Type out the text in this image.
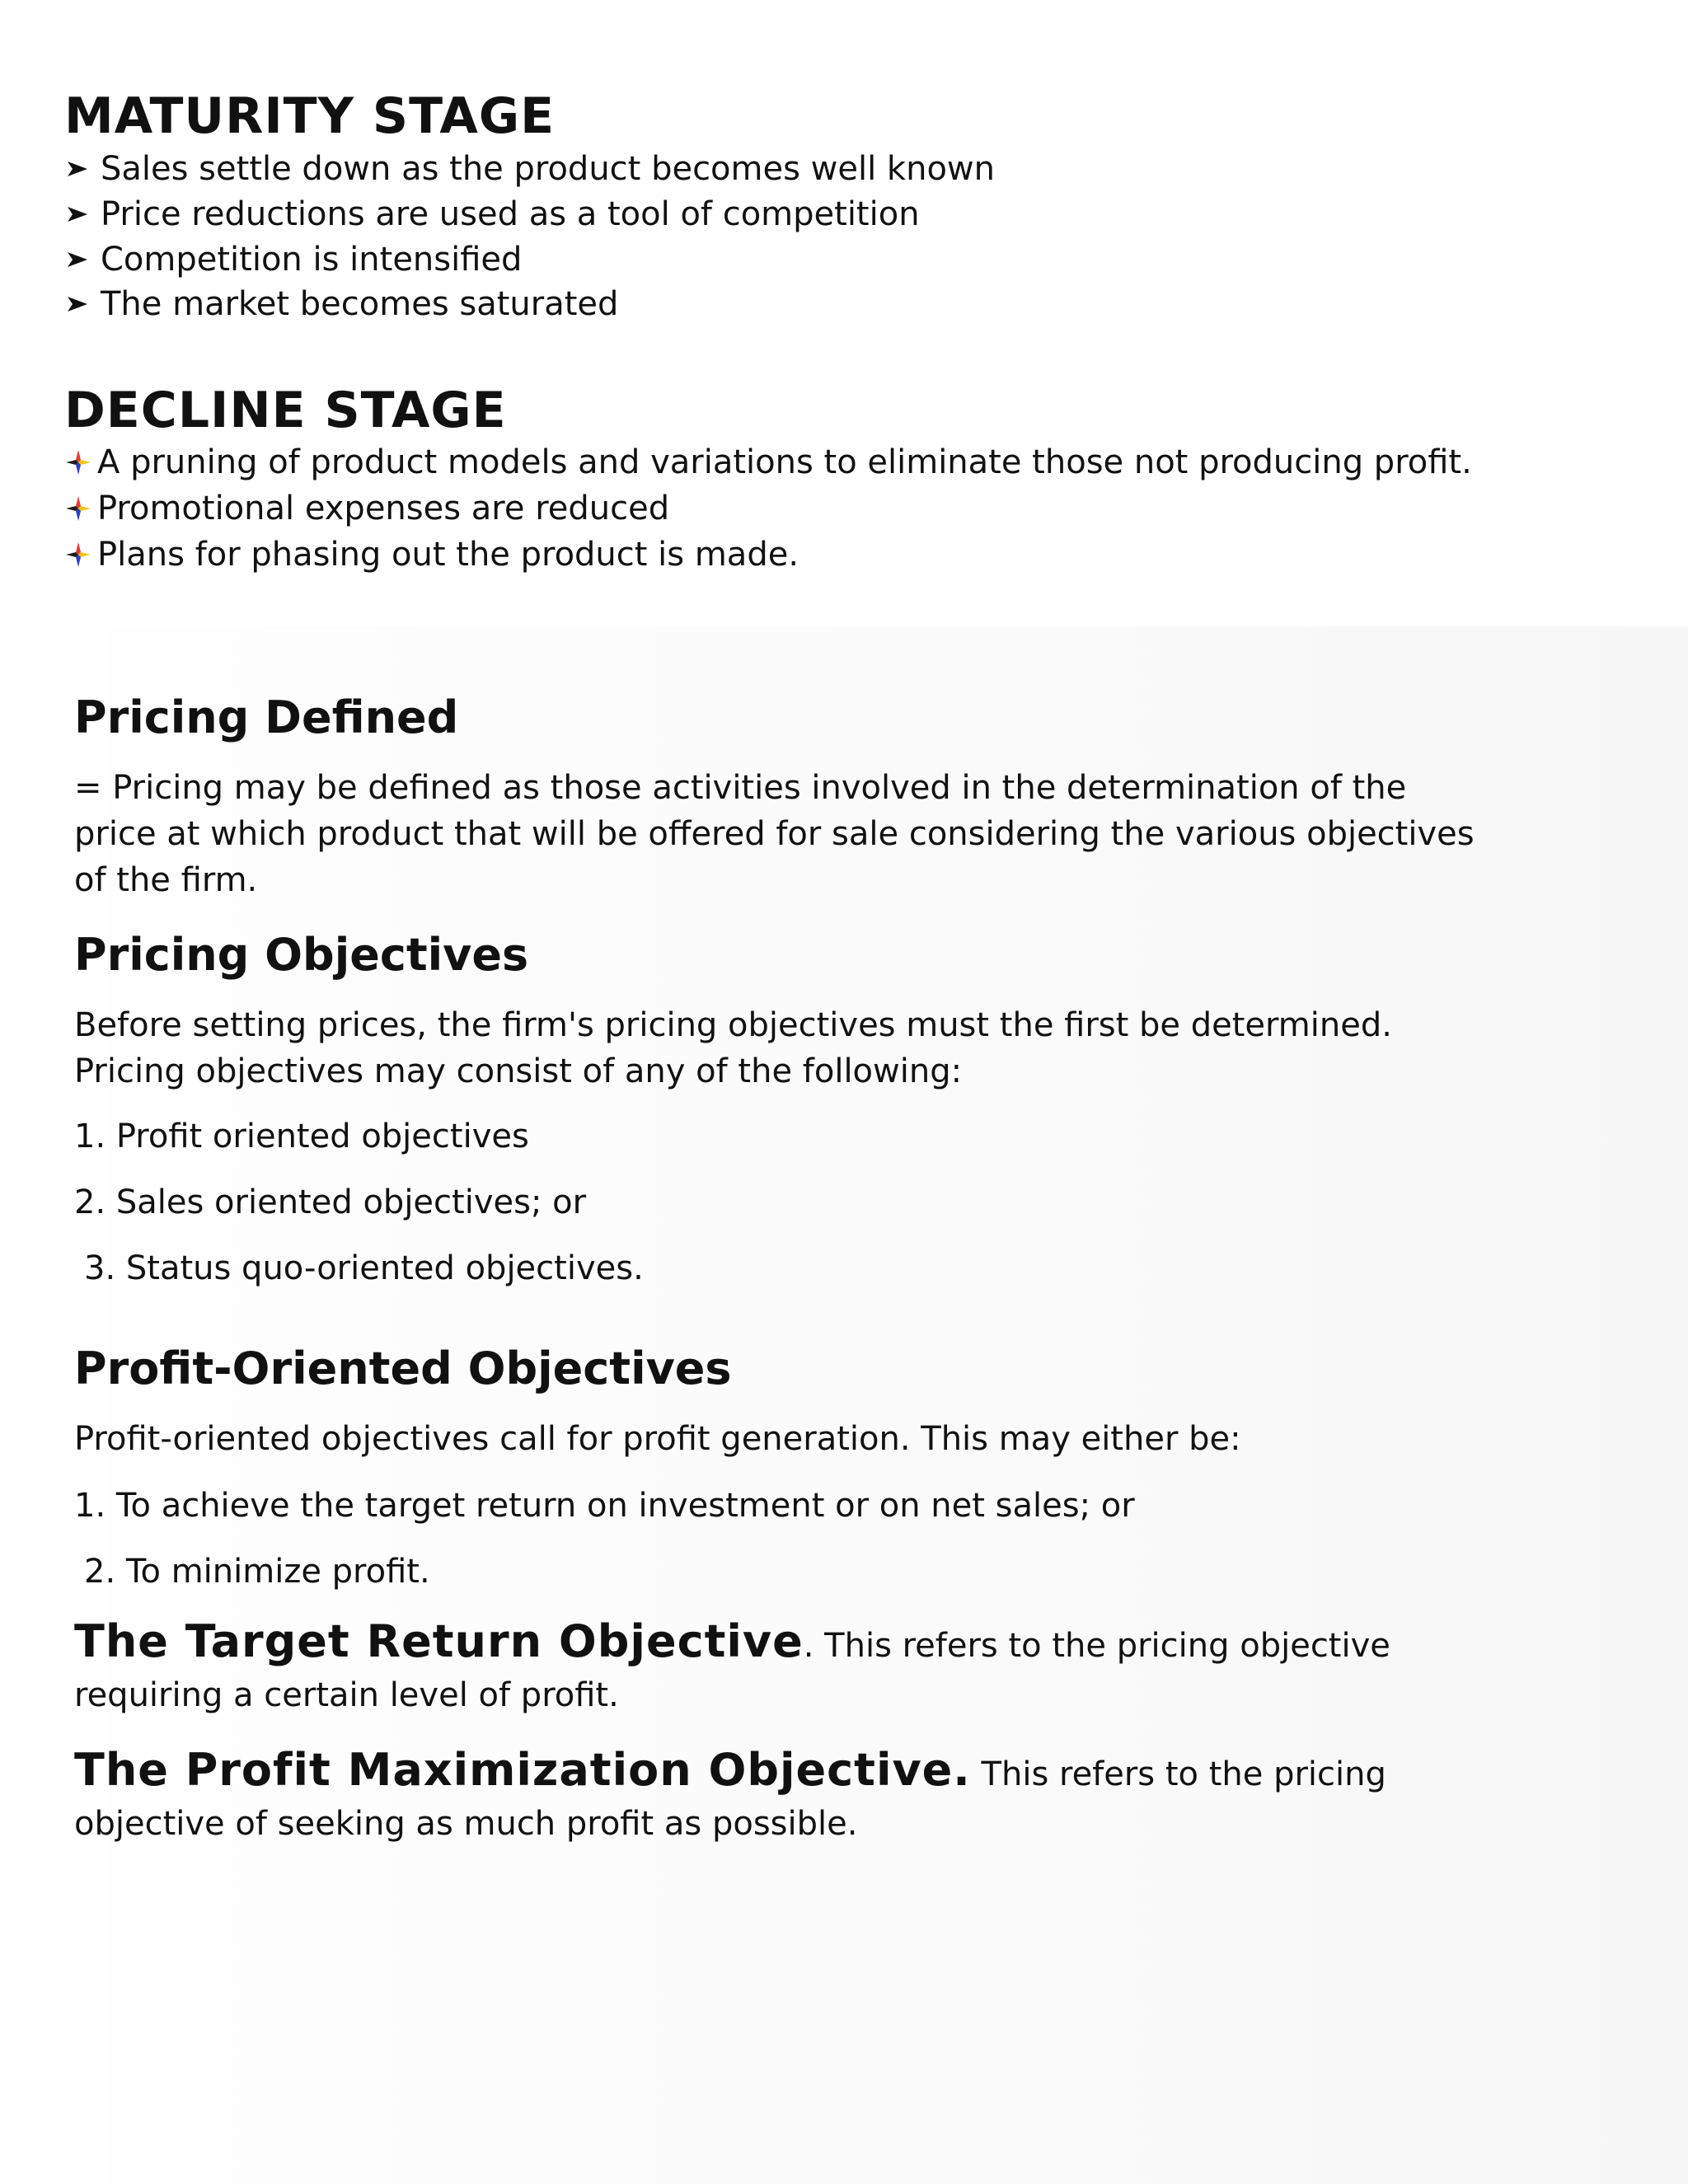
MATURITY STAGE
Sales settle down as the product becomes well known
Price reductions are used as a tool of competition
Competition is intensified
The market becomes saturated
DECLINE STAGE
A pruning of product models and variations to eliminate those not producing profit.
Promotional expenses are reduced
Plans for phasing out the product is made.
Pricing Defined
= Pricing may be defined as those activities involved in the determination of the price at which product that will be offered for sale considering the various objectives of the firm.
Pricing Objectives
Before setting prices, the firm's pricing objectives must the first be determined. Pricing objectives may consist of any of the following:
1. Profit oriented objectives
2. Sales oriented objectives; or
3. Status quo-oriented objectives.
Profit-Oriented Objectives
Profit-oriented objectives call for profit generation. This may either be:
1. To achieve the target return on investment or on net sales; or
2. To minimize profit.
The Target Return Objective. This refers to the pricing objective requiring a certain level of profit.
The Profit Maximization Objective. This refers to the pricing objective of seeking as much profit as possible.
